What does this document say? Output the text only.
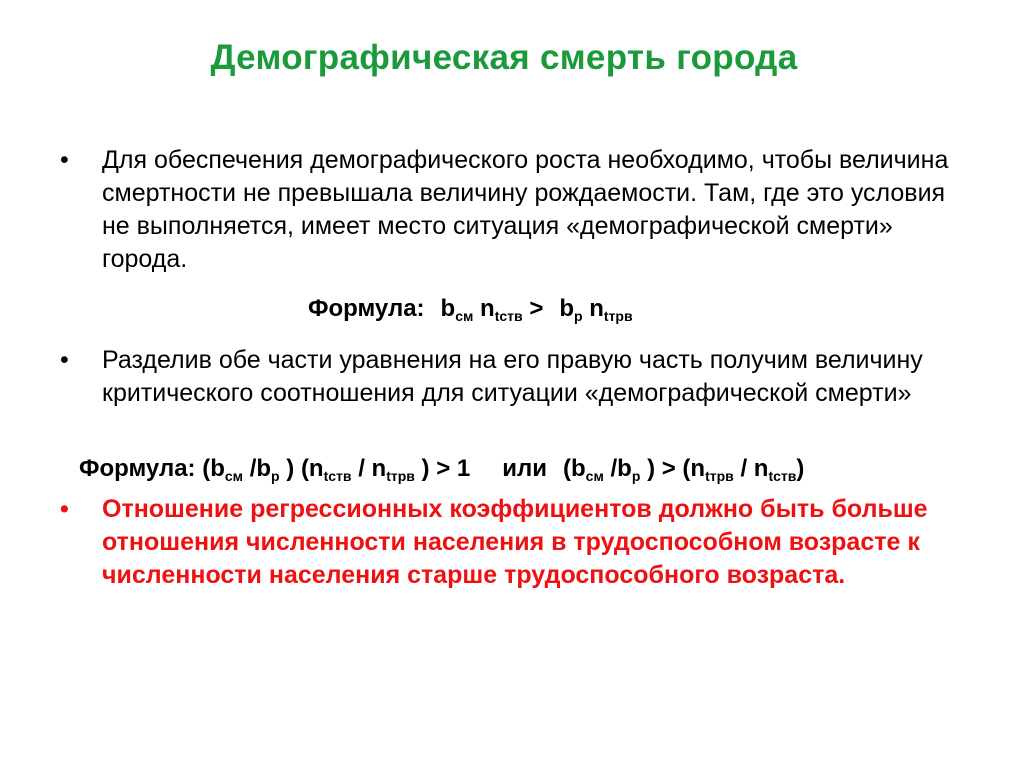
Демографическая смерть города
•	Для обеспечения демографического роста необходимо, чтобы величина смертности не превышала величину рождаемости. Там, где это условия не выполняется, имеет место ситуация «демографической смерти» города.
Формула: $b_{см}$ $n_{tств} > b_р$ $n_{tтрв}$
•	Разделив обе части уравнения на его правую часть получим величину критического соотношения для ситуации «демографической смерти»
Формула: ($b_{см}$ $/b_р$ ) ($n_{tств} / n_{tтрв}$ ) > 1 или ($b_{см}$ $/b_р$ ) > $(n_{tтрв} / n_{tств})$
•	Отношение регрессионных коэффициентов должно быть больше отношения численности населения в трудоспособном возрасте к численности населения старше трудоспособного возраста.
